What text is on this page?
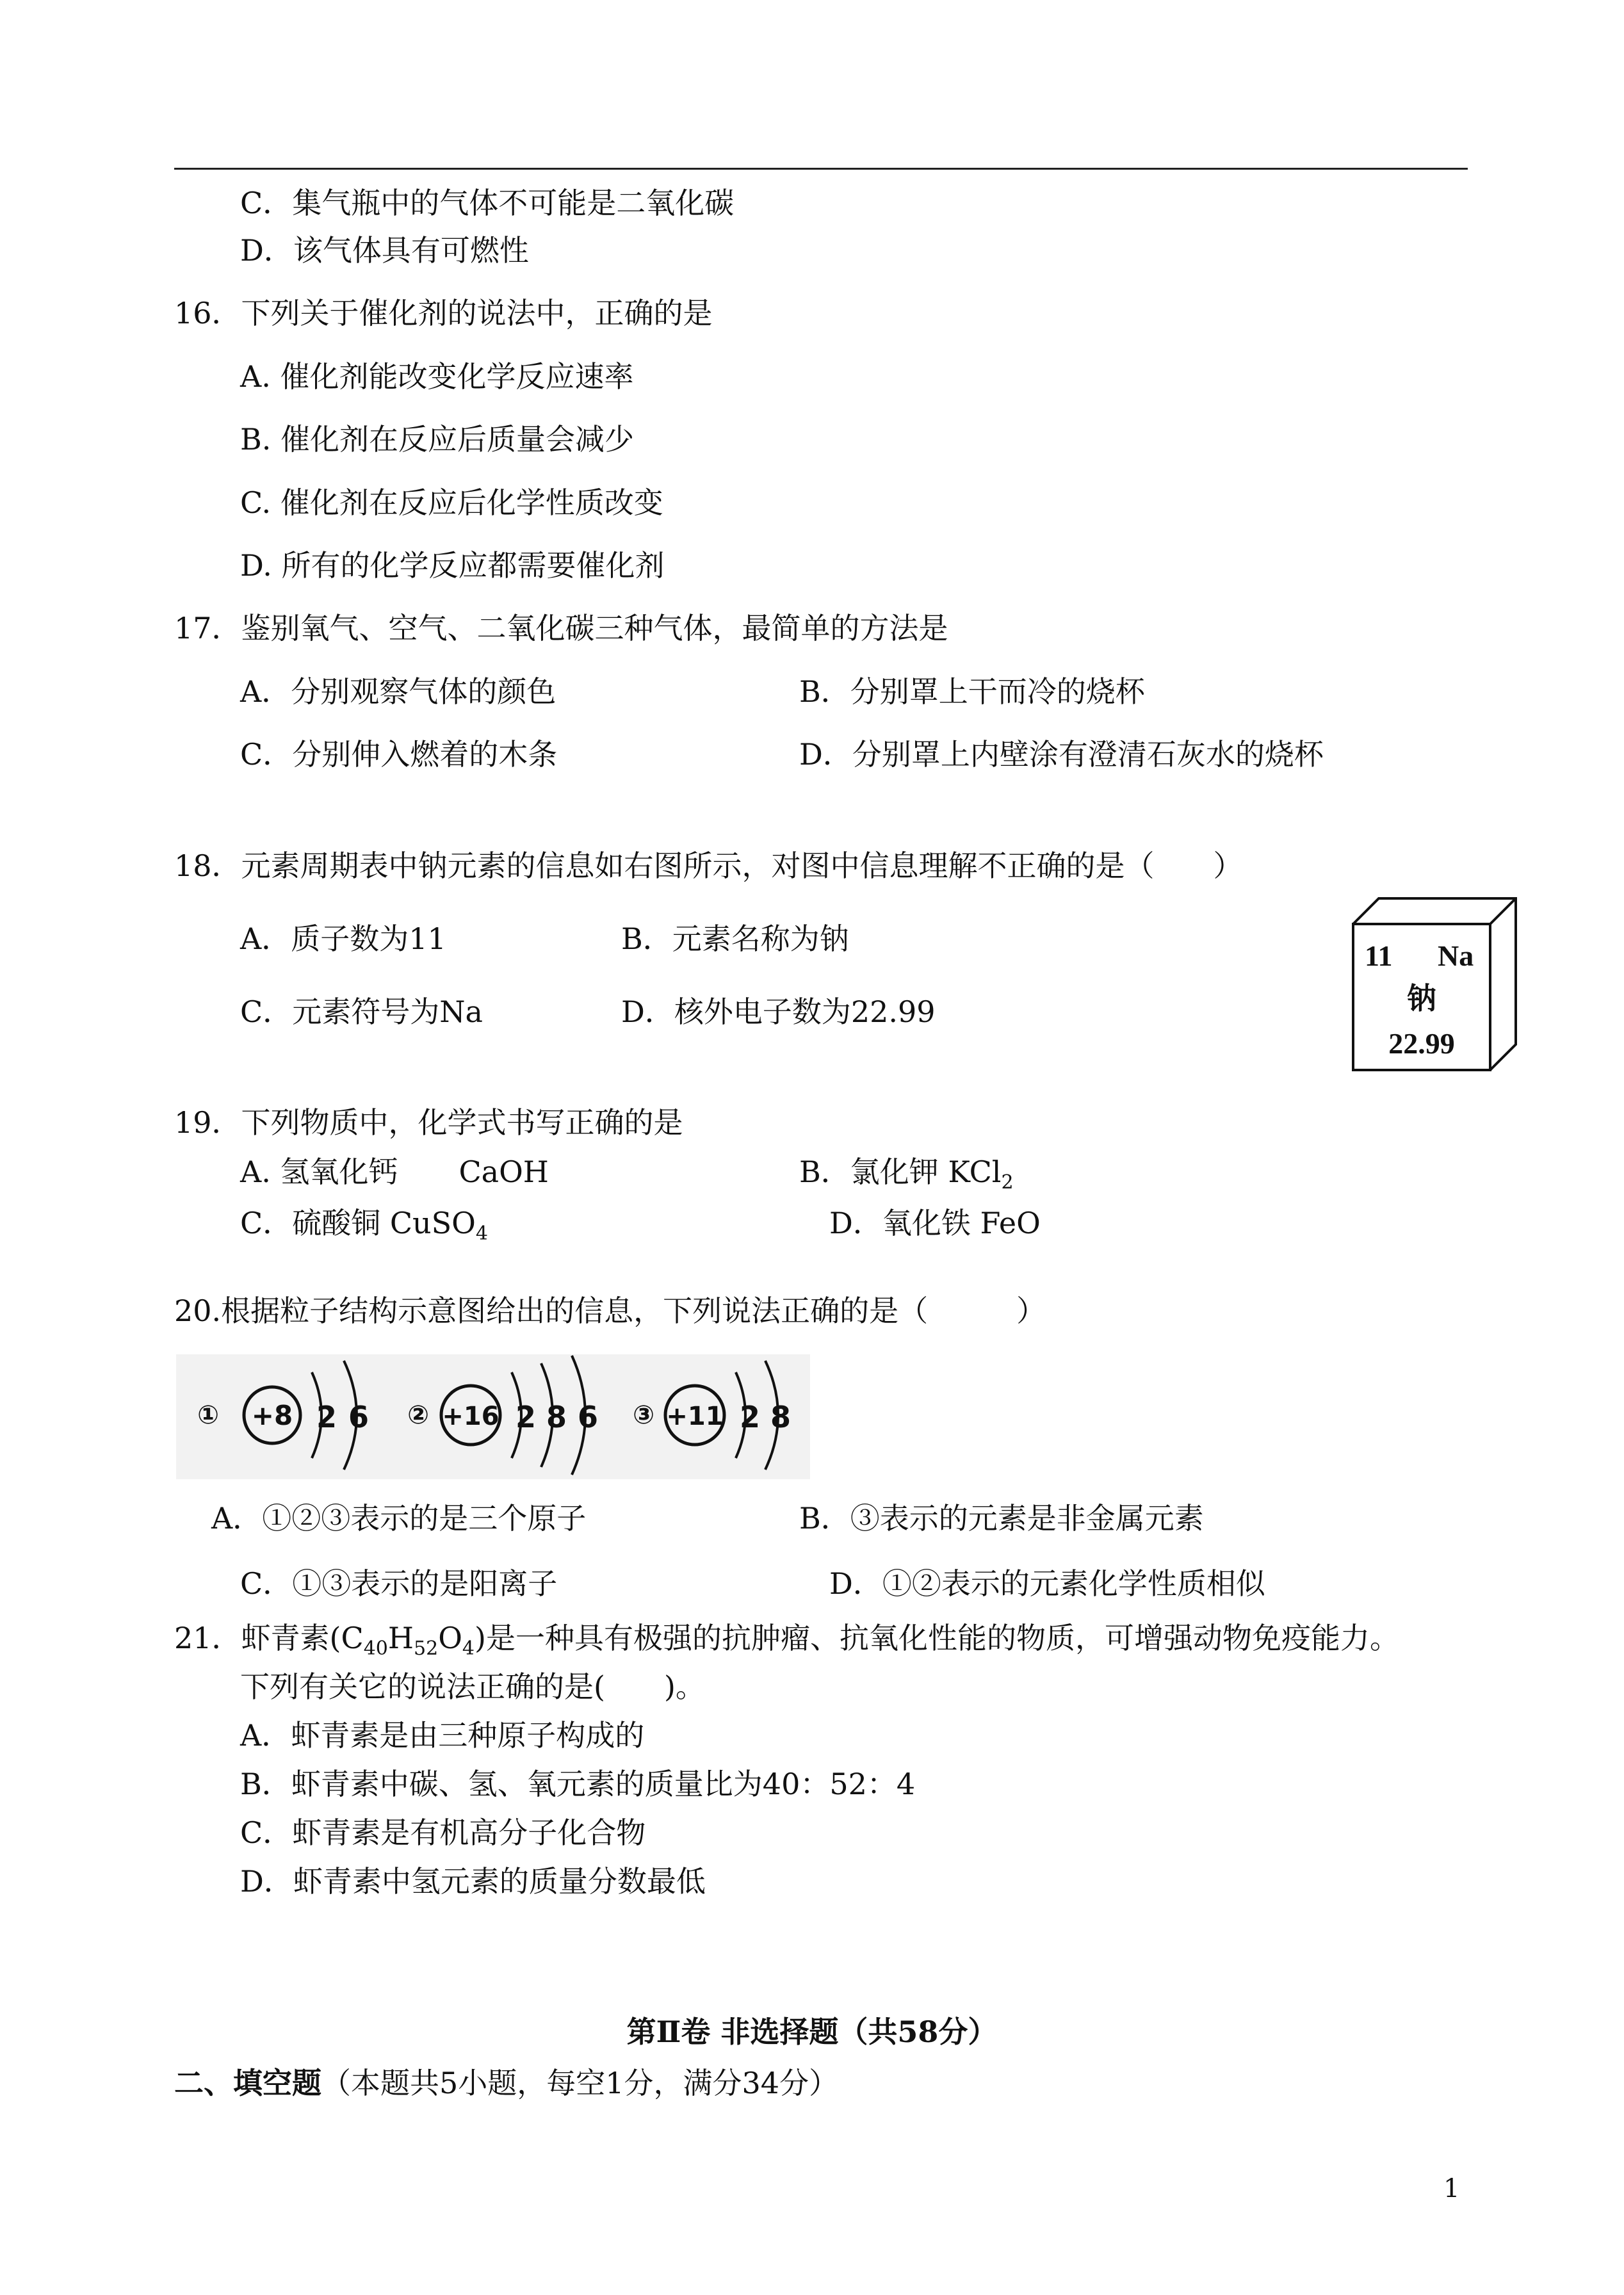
C．集气瓶中的气体不可能是二氧化碳
D．该气体具有可燃性
16．下列关于催化剂的说法中，正确的是
A. 催化剂能改变化学反应速率
B. 催化剂在反应后质量会减少
C. 催化剂在反应后化学性质改变
D. 所有的化学反应都需要催化剂
17．鉴别氧气、空气、二氧化碳三种气体，最简单的方法是
A．分别观察气体的颜色	B．分别罩上干而冷的烧杯
C．分别伸入燃着的木条	D．分别罩上内壁涂有澄清石灰水的烧杯
18．元素周期表中钠元素的信息如右图所示，对图中信息理解不正确的是（　　）
A．质子数为11	B．元素名称为钠
C．元素符号为Na	D．核外电子数为22.99
11 Na
钠
22.99
19．下列物质中，化学式书写正确的是
A. 氢氧化钙 CaOH	B．氯化钾 KCl$_2$
C．硫酸铜 CuSO$_4$	D．氧化铁 FeO
20.根据粒子结构示意图给出的信息，下列说法正确的是（　　　）
① +8 2 6 ② +16 2 8 6 ③ +11 2 8
A．①②③表示的是三个原子	B．③表示的元素是非金属元素
C．①③表示的是阳离子	D．①②表示的元素化学性质相似
21．虾青素$(C_{40}H_{52}O_4)$是一种具有极强的抗肿瘤、抗氧化性能的物质，可增强动物免疫能力。
下列有关它的说法正确的是(　　)。
A．虾青素是由三种原子构成的
B．虾青素中碳、氢、氧元素的质量比为40：52：4
C．虾青素是有机高分子化合物
D．虾青素中氢元素的质量分数最低
第Ⅱ卷 非选择题（共58分）
二、填空题（本题共5小题，每空1分，满分34分）
1
